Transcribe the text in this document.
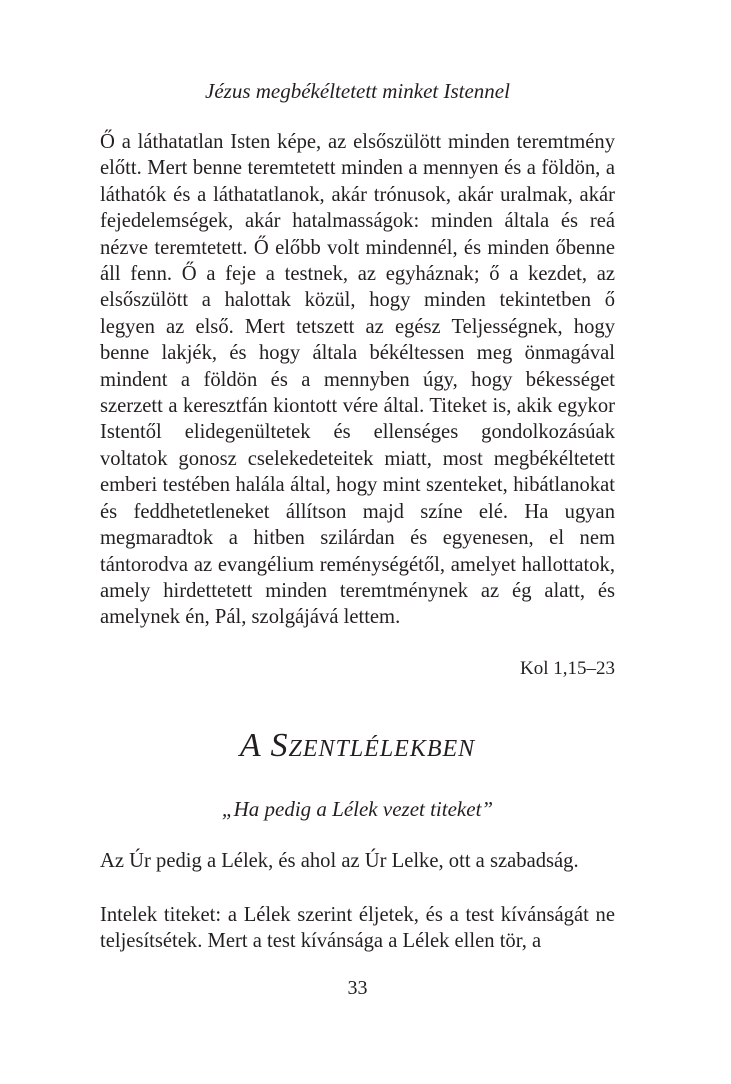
Jézus megbékéltetett minket Istennel

Ő a láthatatlan Isten képe, az elsőszülött minden teremtmény előtt. Mert benne teremtetett minden a mennyen és a földön, a láthatók és a láthatatlanok, akár trónusok, akár uralmak, akár fejedelemségek, akár hatalmasságok: minden általa és reá nézve teremtetett. Ő előbb volt mindennél, és minden őbenne áll fenn. Ő a feje a testnek, az egyháznak; ő a kezdet, az elsőszülött a halottak közül, hogy minden tekintetben ő legyen az első. Mert tetszett az egész Teljességnek, hogy benne lakjék, és hogy általa békéltessen meg önmagával mindent a földön és a mennyben úgy, hogy békességet szerzett a keresztfán kiontott vére által. Titeket is, akik egykor Istentől elidegenültetek és ellenséges gondolkozásúak voltatok gonosz cselekedeteitek miatt, most megbékéltetett emberi testében halála által, hogy mint szenteket, hibátlanokat és feddhetetleneket állítson majd színe elé. Ha ugyan megmaradtok a hitben szilárdan és egyenesen, el nem tántorodva az evangélium reménységétől, amelyet hallottatok, amely hirdettetett minden teremtménynek az ég alatt, és amelynek én, Pál, szolgájává lettem.

Kol 1,15–23

A Szentlélekben
„Ha pedig a Lélek vezet titeket”

Az Úr pedig a Lélek, és ahol az Úr Lelke, ott a szabadság.

Intelek titeket: a Lélek szerint éljetek, és a test kívánságát ne teljesítsétek. Mert a test kívánsága a Lélek ellen tör, a

33
